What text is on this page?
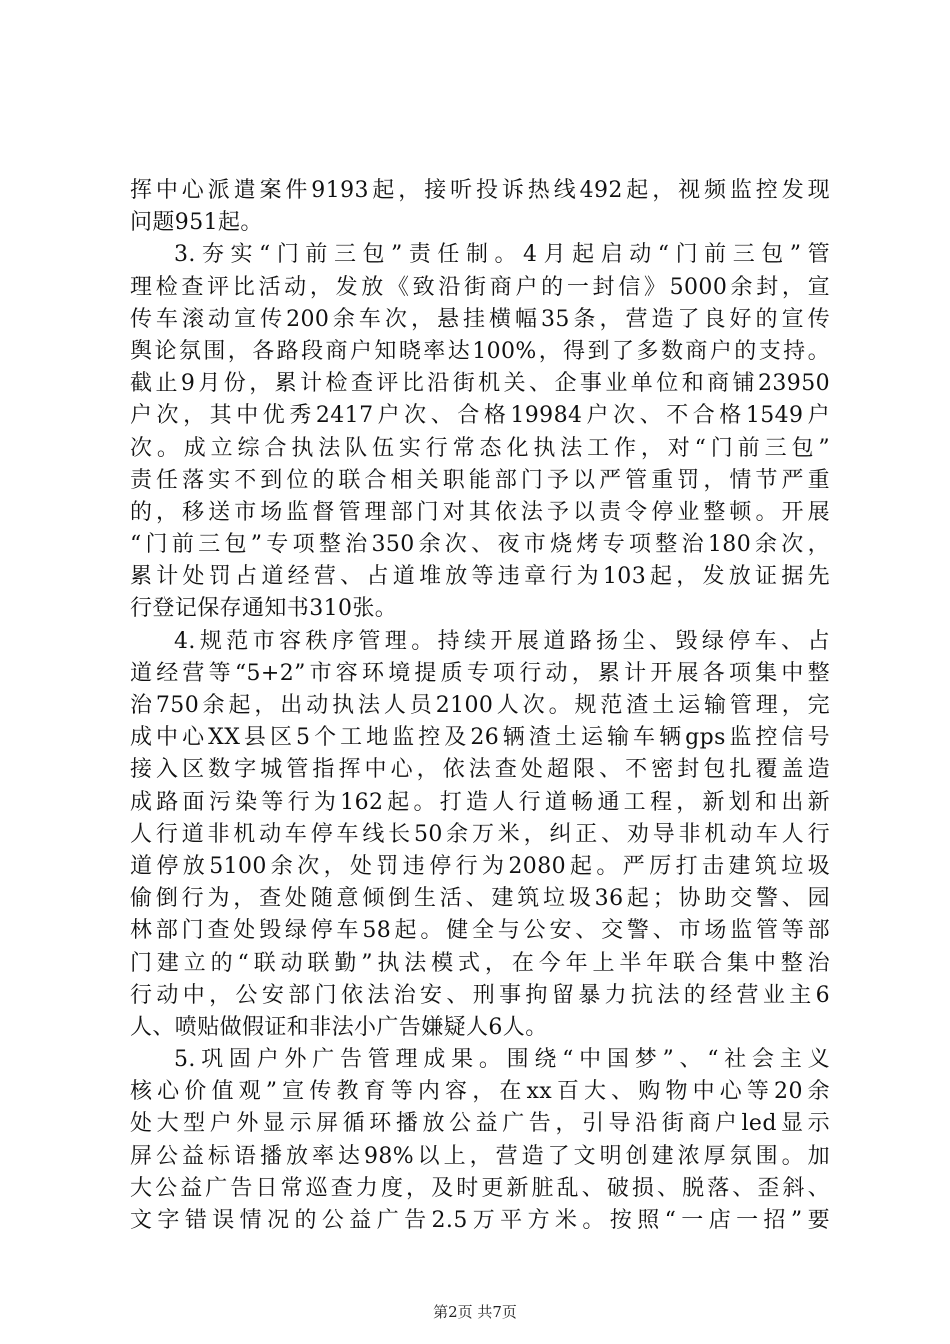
挥中心派遣案件9193起，接听投诉热线492起，视频监控发现
问题951起。
3.夯实“门前三包”责任制。4月起启动“门前三包”管
理检查评比活动，发放《致沿街商户的一封信》5000余封，宣
传车滚动宣传200余车次，悬挂横幅35条，营造了良好的宣传
舆论氛围，各路段商户知晓率达100%，得到了多数商户的支持。
截止9月份，累计检查评比沿街机关、企事业单位和商铺23950
户次，其中优秀2417户次、合格19984户次、不合格1549户
次。成立综合执法队伍实行常态化执法工作，对“门前三包”
责任落实不到位的联合相关职能部门予以严管重罚，情节严重
的，移送市场监督管理部门对其依法予以责令停业整顿。开展
“门前三包”专项整治350余次、夜市烧烤专项整治180余次，
累计处罚占道经营、占道堆放等违章行为103起，发放证据先
行登记保存通知书310张。
4.规范市容秩序管理。持续开展道路扬尘、毁绿停车、占
道经营等“5+2”市容环境提质专项行动，累计开展各项集中整
治750余起，出动执法人员2100人次。规范渣土运输管理，完
成中心XX县区5个工地监控及26辆渣土运输车辆gps监控信号
接入区数字城管指挥中心，依法查处超限、不密封包扎覆盖造
成路面污染等行为162起。打造人行道畅通工程，新划和出新
人行道非机动车停车线长50余万米，纠正、劝导非机动车人行
道停放5100余次，处罚违停行为2080起。严厉打击建筑垃圾
偷倒行为，查处随意倾倒生活、建筑垃圾36起；协助交警、园
林部门查处毁绿停车58起。健全与公安、交警、市场监管等部
门建立的“联动联勤”执法模式，在今年上半年联合集中整治
行动中，公安部门依法治安、刑事拘留暴力抗法的经营业主6
人、喷贴做假证和非法小广告嫌疑人6人。
5.巩固户外广告管理成果。围绕“中国梦”、“社会主义
核心价值观”宣传教育等内容，在xx百大、购物中心等20余
处大型户外显示屏循环播放公益广告，引导沿街商户led显示
屏公益标语播放率达98%以上，营造了文明创建浓厚氛围。加
大公益广告日常巡查力度，及时更新脏乱、破损、脱落、歪斜、
文字错误情况的公益广告2.5万平方米。按照“一店一招”要
第2页 共7页
